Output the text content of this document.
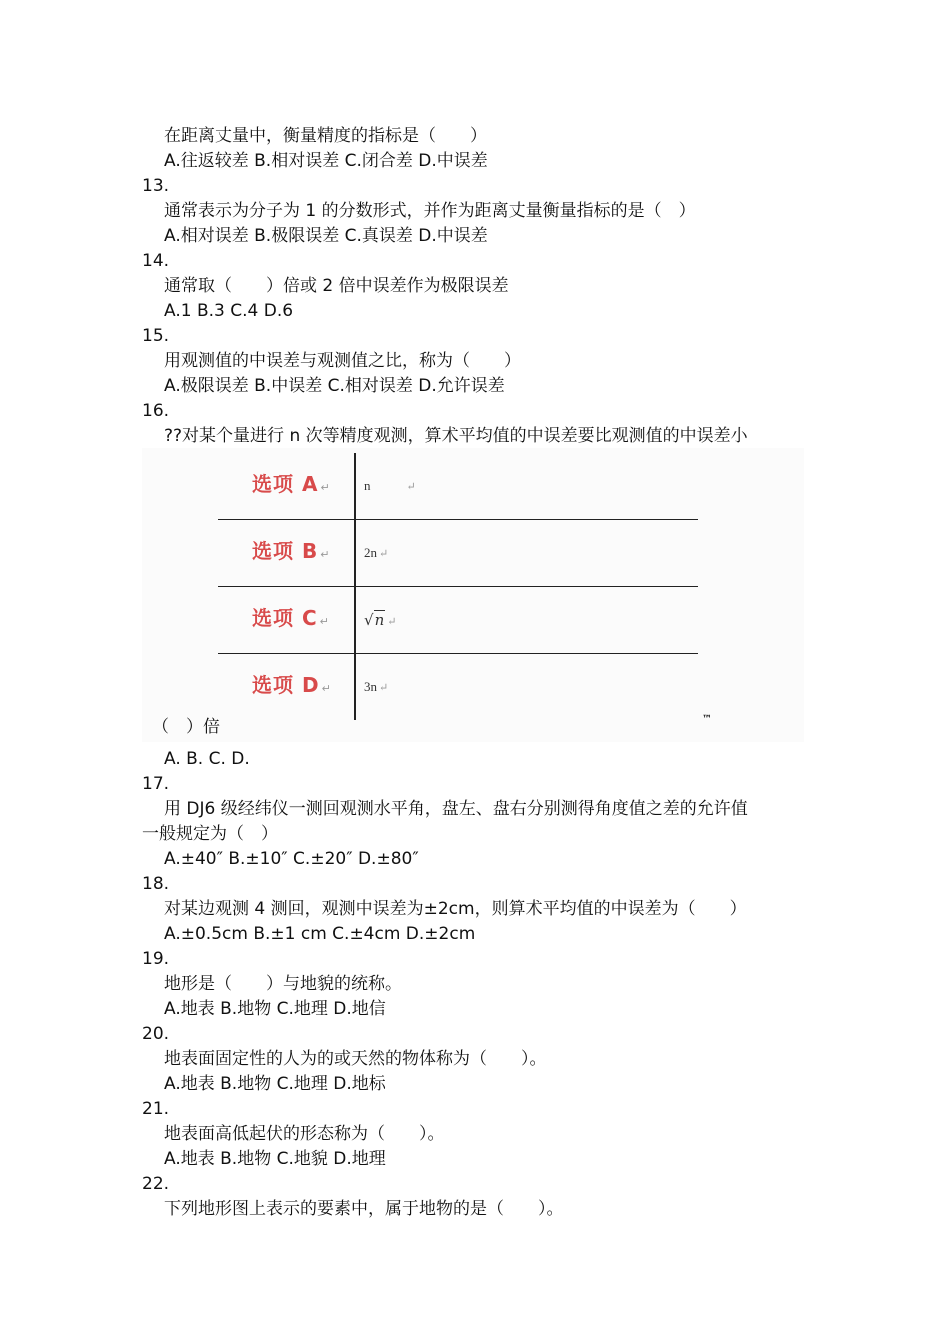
在距离丈量中，衡量精度的指标是（　　）
A.往返较差 B.相对误差 C.闭合差 D.中误差
13.
通常表示为分子为 1 的分数形式，并作为距离丈量衡量指标的是（　）
A.相对误差 B.极限误差 C.真误差 D.中误差
14.
通常取（　　）倍或 2 倍中误差作为极限误差
A.1 B.3 C.4 D.6
15.
用观测值的中误差与观测值之比，称为（　　）
A.极限误差 B.中误差 C.相对误差 D.允许误差
16.
??对某个量进行 n 次等精度观测，算术平均值的中误差要比观测值的中误差小
选项 A ↵	n ↵
选项 B ↵	2n ↵
选项 C ↵	√n ↵
选项 D ↵	3n ↵
（　）倍	™
A. B. C. D.
17.
用 DJ6 级经纬仪一测回观测水平角，盘左、盘右分别测得角度值之差的允许值
一般规定为（　）
A.±40″ B.±10″ C.±20″ D.±80″
18.
对某边观测 4 测回，观测中误差为±2cm，则算术平均值的中误差为（　　）
A.±0.5cm B.±1 cm C.±4cm D.±2cm
19.
地形是（　　）与地貌的统称。
A.地表 B.地物 C.地理 D.地信
20.
地表面固定性的人为的或天然的物体称为（　　）。
A.地表 B.地物 C.地理 D.地标
21.
地表面高低起伏的形态称为（　　）。
A.地表 B.地物 C.地貌 D.地理
22.
下列地形图上表示的要素中，属于地物的是（　　）。
